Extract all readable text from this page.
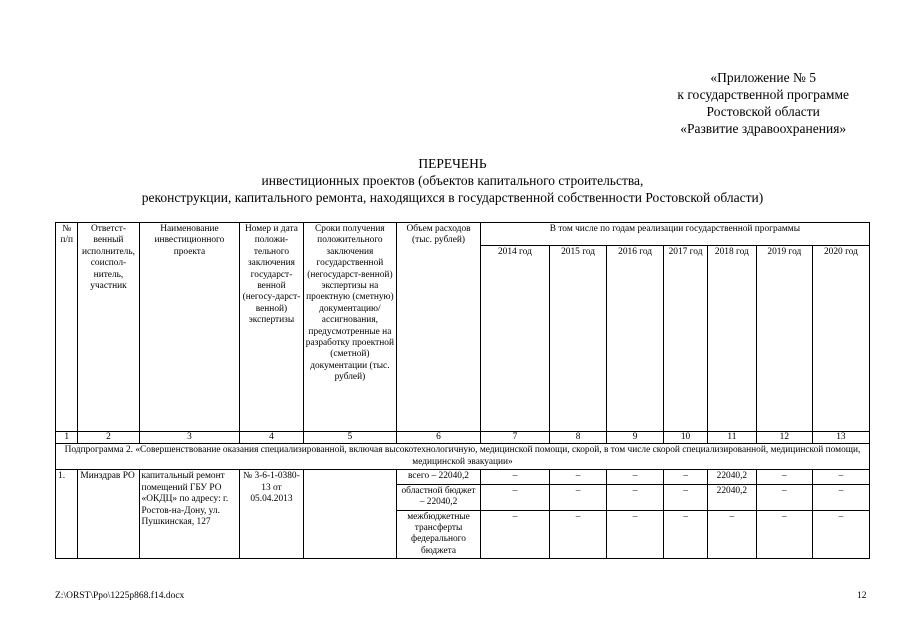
«Приложение № 5
к государственной программе
Ростовской области
«Развитие здравоохранения»
ПЕРЕЧЕНЬ
инвестиционных проектов (объектов капитального строительства,
реконструкции, капитального ремонта, находящихся в государственной собственности Ростовской области)
№ п/п	Ответст-венный исполнитель, соиспол-нитель, участник	Наименование инвестиционного проекта	Номер и дата положи-тельного заключения государст-венной (негосу-дарст-венной) экспертизы	Сроки получения положительного заключения государственной (негосударст-венной) экспертизы на проектную (сметную) документацию/ ассигнования, предусмотренные на разработку проектной (сметной) документации (тыс. рублей)	Объем расходов (тыс. рублей)	В том числе по годам реализации государственной программы						
						2014 год	2015 год	2016 год	2017 год	2018 год	2019 год	2020 год
1	2	3	4	5	6	7	8	9	10	11	12	13
Подпрограмма 2. «Совершенствование оказания специализированной, включая высокотехнологичную, медицинской помощи, скорой, в том числе скорой специализированной, медицинской помощи, медицинской эвакуации»												
1.	Минздрав РО	капитальный ремонт помещений ГБУ РО «ОКДЦ» по адресу: г. Ростов-на-Дону, ул. Пушкинская, 127	№ 3-6-1-0380-13 от 05.04.2013		всего – 22040,2	–	–	–	–	22040,2	–	–
					областной бюджет – 22040,2	–	–	–	–	22040,2	–	–
					межбюджетные трансферты федерального бюджета	–	–	–	–	–	–	–
Z:\ORST\Ppo\1225p868.f14.docx	12
